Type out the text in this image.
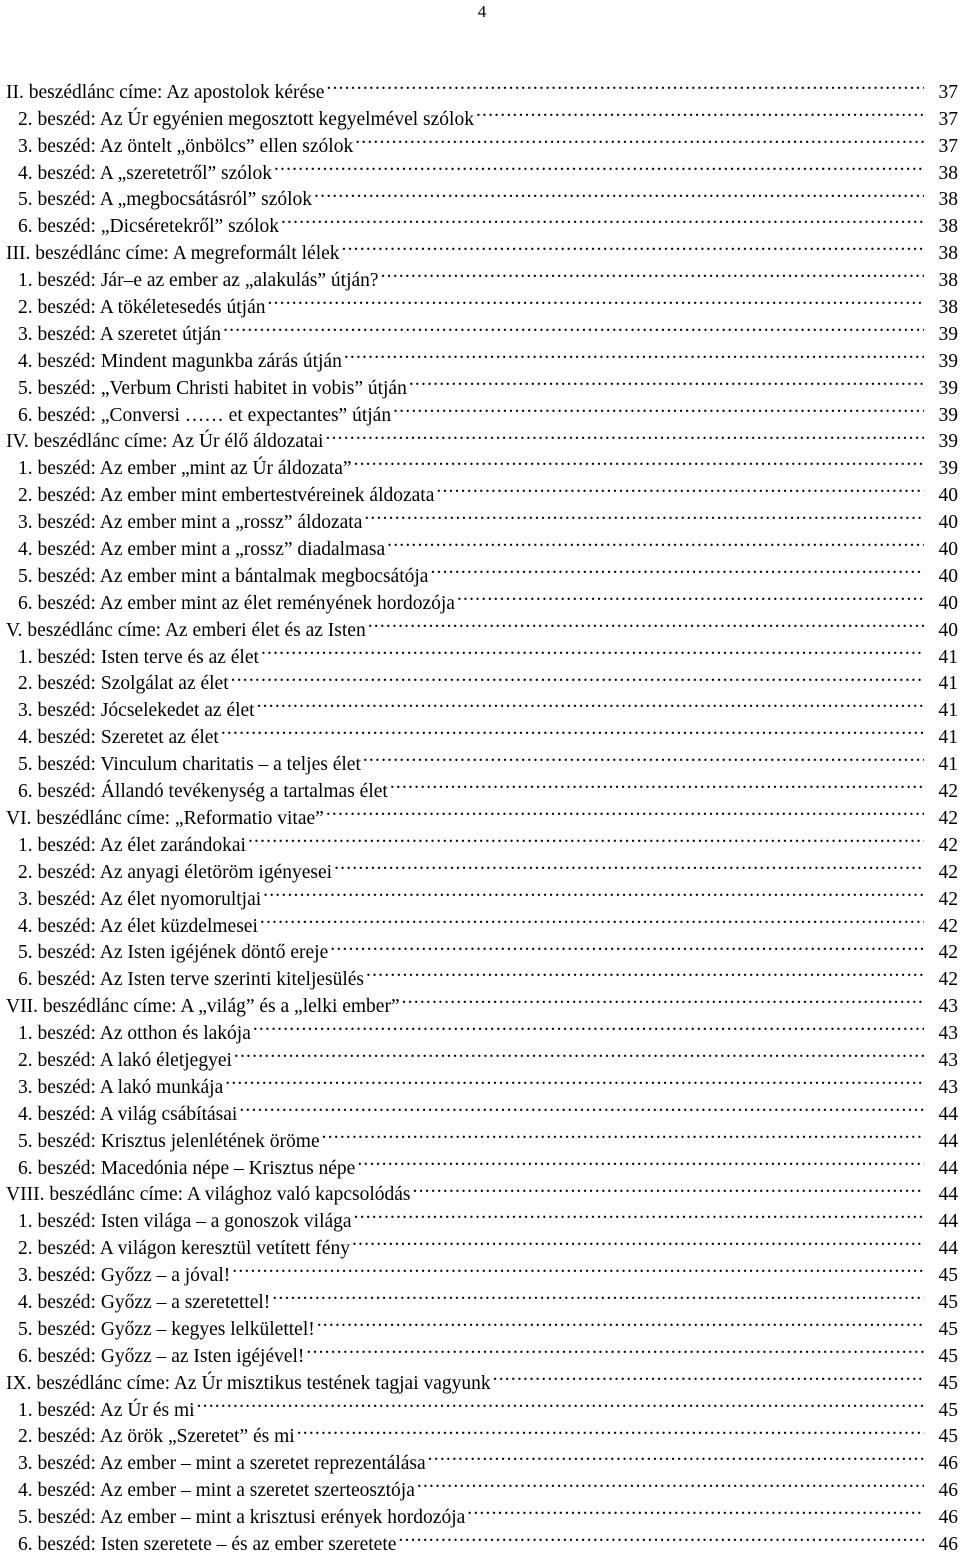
4
II. beszédlánc címe: Az apostolok kérése .....	37
2. beszéd: Az Úr egyénien megosztott kegyelmével szólok .....	37
3. beszéd: Az öntelt „önbölcs” ellen szólok .....	37
4. beszéd: A „szeretetről” szólok .....	38
5. beszéd: A „megbocsátásról” szólok .....	38
6. beszéd: „Dicséretekről” szólok .....	38
III. beszédlánc címe: A megreformált lélek .....	38
1. beszéd: Jár–e az ember az „alakulás” útján? .....	38
2. beszéd: A tökéletesedés útján .....	38
3. beszéd: A szeretet útján .....	39
4. beszéd: Mindent magunkba zárás útján .....	39
5. beszéd: „Verbum Christi habitet in vobis” útján .....	39
6. beszéd: „Conversi …… et expectantes” útján .....	39
IV. beszédlánc címe: Az Úr élő áldozatai .....	39
1. beszéd: Az ember „mint az Úr áldozata” .....	39
2. beszéd: Az ember mint embertestvéreinek áldozata .....	40
3. beszéd: Az ember mint a „rossz” áldozata .....	40
4. beszéd: Az ember mint a „rossz” diadalmasa .....	40
5. beszéd: Az ember mint a bántalmak megbocsátója .....	40
6. beszéd: Az ember mint az élet reményének hordozója .....	40
V. beszédlánc címe: Az emberi élet és az Isten .....	40
1. beszéd: Isten terve és az élet .....	41
2. beszéd: Szolgálat az élet .....	41
3. beszéd: Jócselekedet az élet .....	41
4. beszéd: Szeretet az élet .....	41
5. beszéd: Vinculum charitatis – a teljes élet .....	41
6. beszéd: Állandó tevékenység a tartalmas élet .....	42
VI. beszédlánc címe: „Reformatio vitae” .....	42
1. beszéd: Az élet zarándokai .....	42
2. beszéd: Az anyagi életöröm igényesei .....	42
3. beszéd: Az élet nyomorultjai .....	42
4. beszéd: Az élet küzdelmesei .....	42
5. beszéd: Az Isten igéjének döntő ereje .....	42
6. beszéd: Az Isten terve szerinti kiteljesülés .....	42
VII. beszédlánc címe: A „világ” és a „lelki ember” .....	43
1. beszéd: Az otthon és lakója .....	43
2. beszéd: A lakó életjegyei .....	43
3. beszéd: A lakó munkája .....	43
4. beszéd: A világ csábításai .....	44
5. beszéd: Krisztus jelenlétének öröme .....	44
6. beszéd: Macedónia népe – Krisztus népe .....	44
VIII. beszédlánc címe: A világhoz való kapcsolódás .....	44
1. beszéd: Isten világa – a gonoszok világa .....	44
2. beszéd: A világon keresztül vetített fény .....	44
3. beszéd: Győzz – a jóval! .....	45
4. beszéd: Győzz – a szeretettel! .....	45
5. beszéd: Győzz – kegyes lelkülettel! .....	45
6. beszéd: Győzz – az Isten igéjével! .....	45
IX. beszédlánc címe: Az Úr misztikus testének tagjai vagyunk .....	45
1. beszéd: Az Úr és mi .....	45
2. beszéd: Az örök „Szeretet” és mi .....	45
3. beszéd: Az ember – mint a szeretet reprezentálása .....	46
4. beszéd: Az ember – mint a szeretet szerteosztója .....	46
5. beszéd: Az ember – mint a krisztusi erények hordozója .....	46
6. beszéd: Isten szeretete – és az ember szeretete .....	46
